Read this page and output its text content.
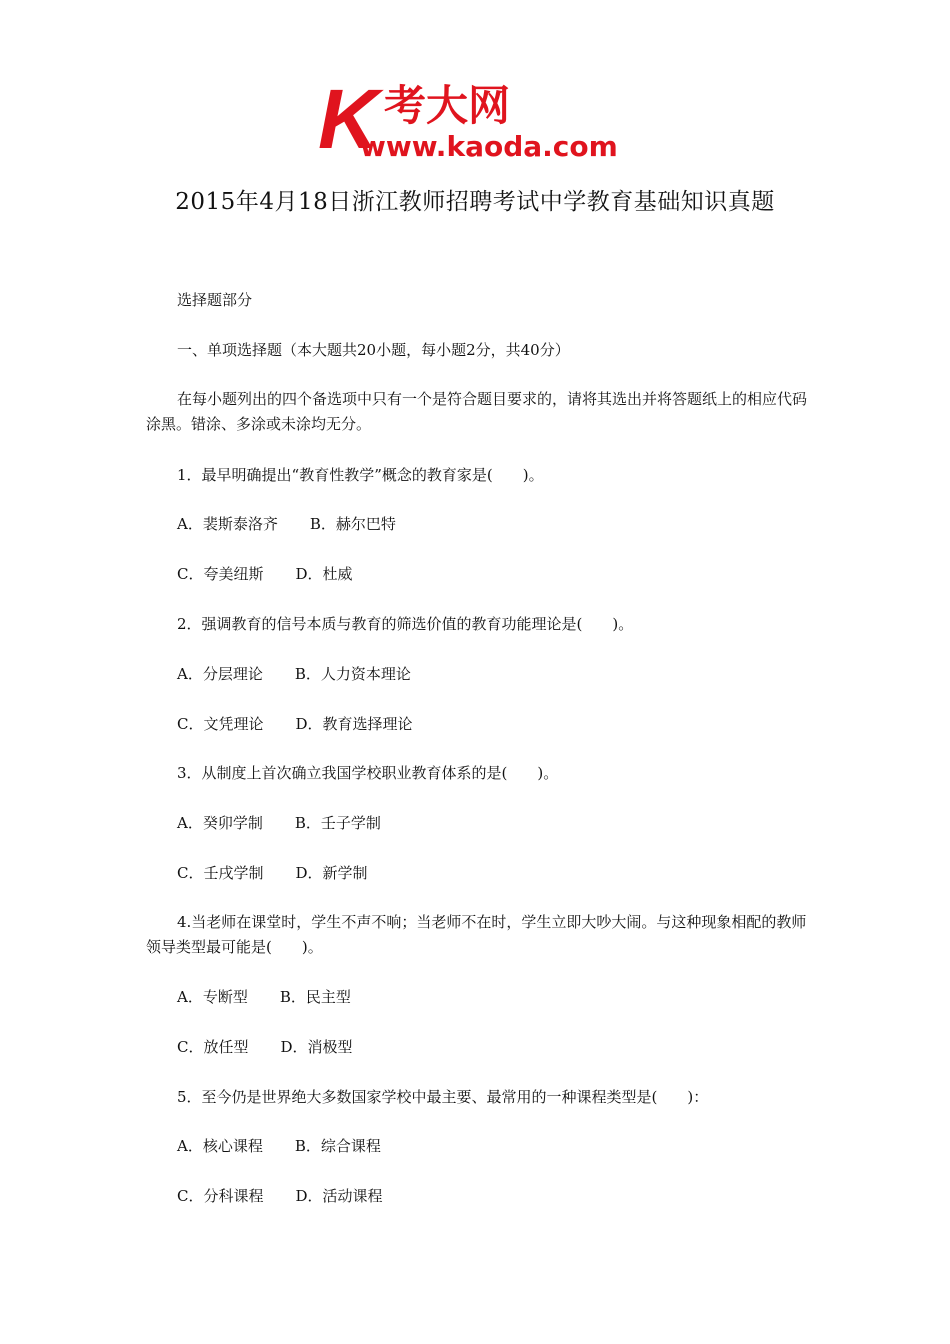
K 考大网
www.kaoda.com
2015年4月18日浙江教师招聘考试中学教育基础知识真题
选择题部分
一、单项选择题（本大题共20小题，每小题2分，共40分）
在每小题列出的四个备选项中只有一个是符合题目要求的，请将其选出并将答题纸上的相应代码涂黑。错涂、多涂或未涂均无分。
1．最早明确提出“教育性教学”概念的教育家是(　　)。
A．裴斯泰洛齐 B．赫尔巴特
C．夸美纽斯 D．杜威
2．强调教育的信号本质与教育的筛选价值的教育功能理论是(　　)。
A．分层理论 B．人力资本理论
C．文凭理论 D．教育选择理论
3．从制度上首次确立我国学校职业教育体系的是(　　)。
A．癸卯学制 B．壬子学制
C．壬戌学制 D．新学制
4.当老师在课堂时，学生不声不响；当老师不在时，学生立即大吵大闹。与这种现象相配的教师领导类型最可能是(　　)。
A．专断型 B．民主型
C．放任型 D．消极型
5．至今仍是世界绝大多数国家学校中最主要、最常用的一种课程类型是(　　)：
A．核心课程 B．综合课程
C．分科课程 D．活动课程
